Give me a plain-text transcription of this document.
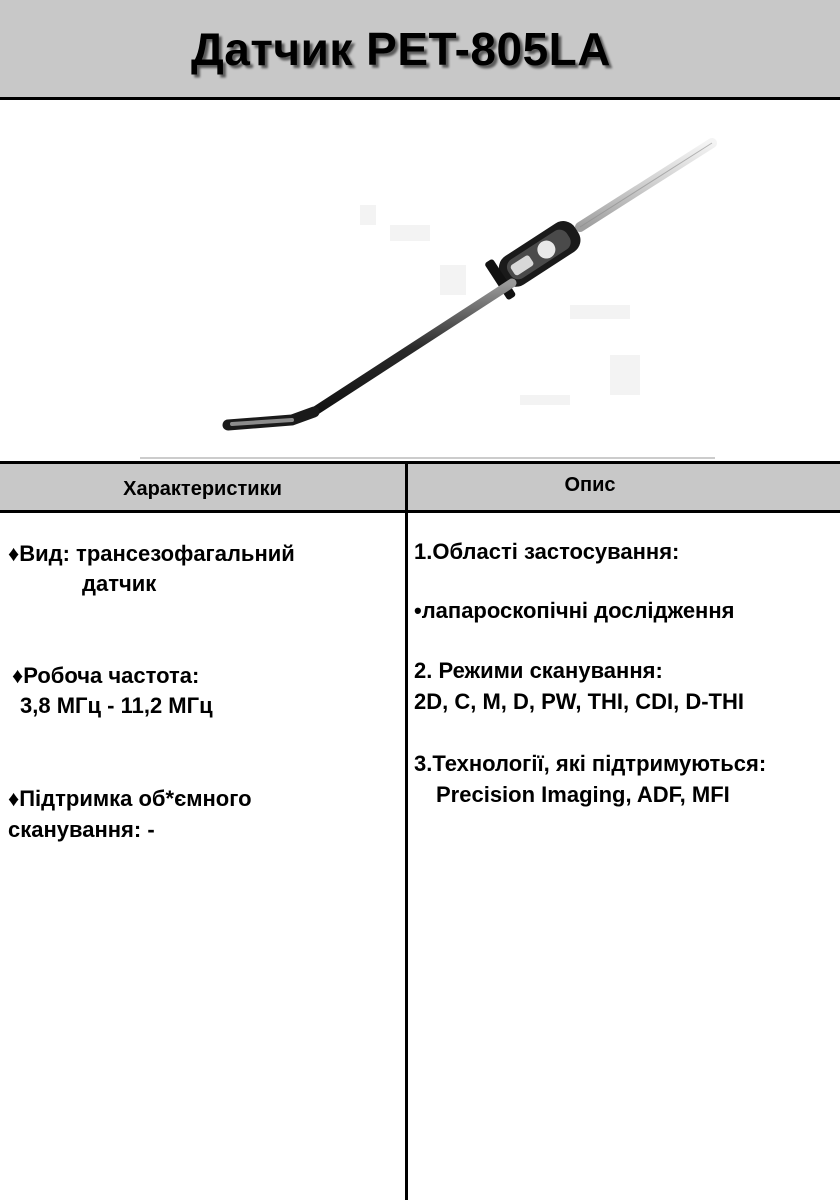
Датчик PET-805LA
Характеристики	Опис
♦Вид: трансезофагальний
датчик
♦Робоча частота:
3,8 МГц - 11,2 МГц
♦Підтримка об*ємного
сканування: -
1.Області застосування:
•лапароскопічні дослідження
2. Режими сканування:
2D, C, M, D, PW, THI, CDI, D-THI
3.Технології, які підтримуються:
Precision Imaging, ADF, MFI
